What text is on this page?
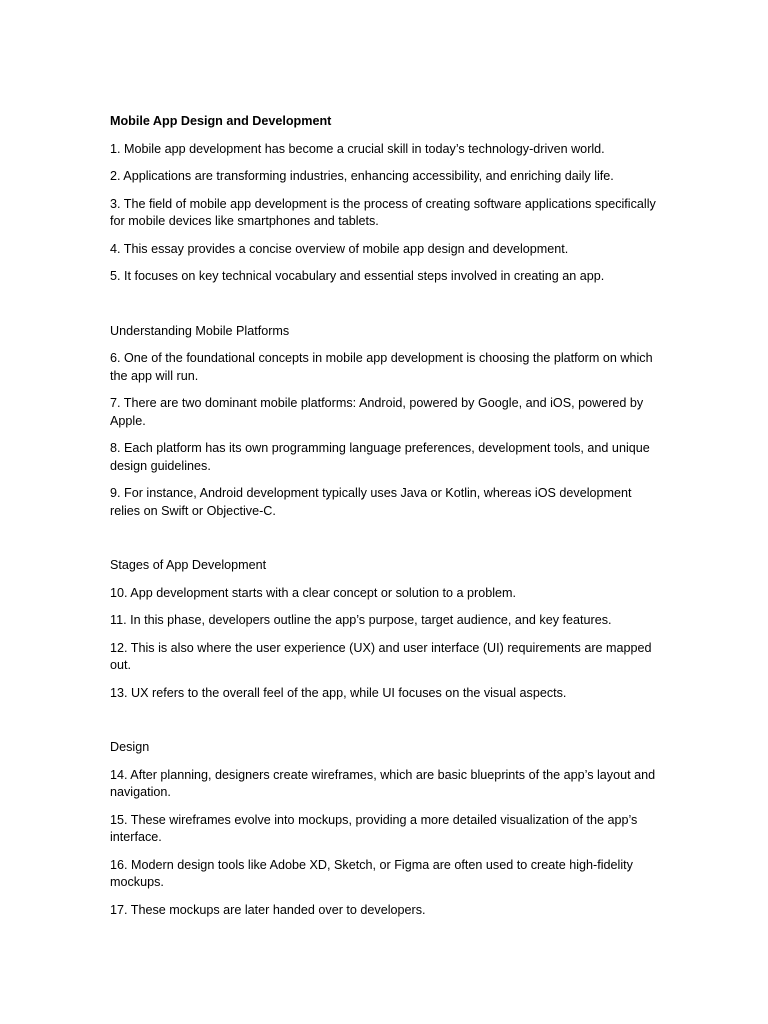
Mobile App Design and Development

1. Mobile app development has become a crucial skill in today’s technology-driven world.

2. Applications are transforming industries, enhancing accessibility, and enriching daily life.

3. The field of mobile app development is the process of creating software applications specifically for mobile devices like smartphones and tablets.

4. This essay provides a concise overview of mobile app design and development.

5. It focuses on key technical vocabulary and essential steps involved in creating an app.

Understanding Mobile Platforms

6. One of the foundational concepts in mobile app development is choosing the platform on which the app will run.

7. There are two dominant mobile platforms: Android, powered by Google, and iOS, powered by Apple.

8. Each platform has its own programming language preferences, development tools, and unique design guidelines.

9. For instance, Android development typically uses Java or Kotlin, whereas iOS development relies on Swift or Objective-C.

Stages of App Development

10. App development starts with a clear concept or solution to a problem.

11. In this phase, developers outline the app’s purpose, target audience, and key features.

12. This is also where the user experience (UX) and user interface (UI) requirements are mapped out.

13. UX refers to the overall feel of the app, while UI focuses on the visual aspects.

Design

14. After planning, designers create wireframes, which are basic blueprints of the app’s layout and navigation.

15. These wireframes evolve into mockups, providing a more detailed visualization of the app’s interface.

16. Modern design tools like Adobe XD, Sketch, or Figma are often used to create high-fidelity mockups.

17. These mockups are later handed over to developers.
